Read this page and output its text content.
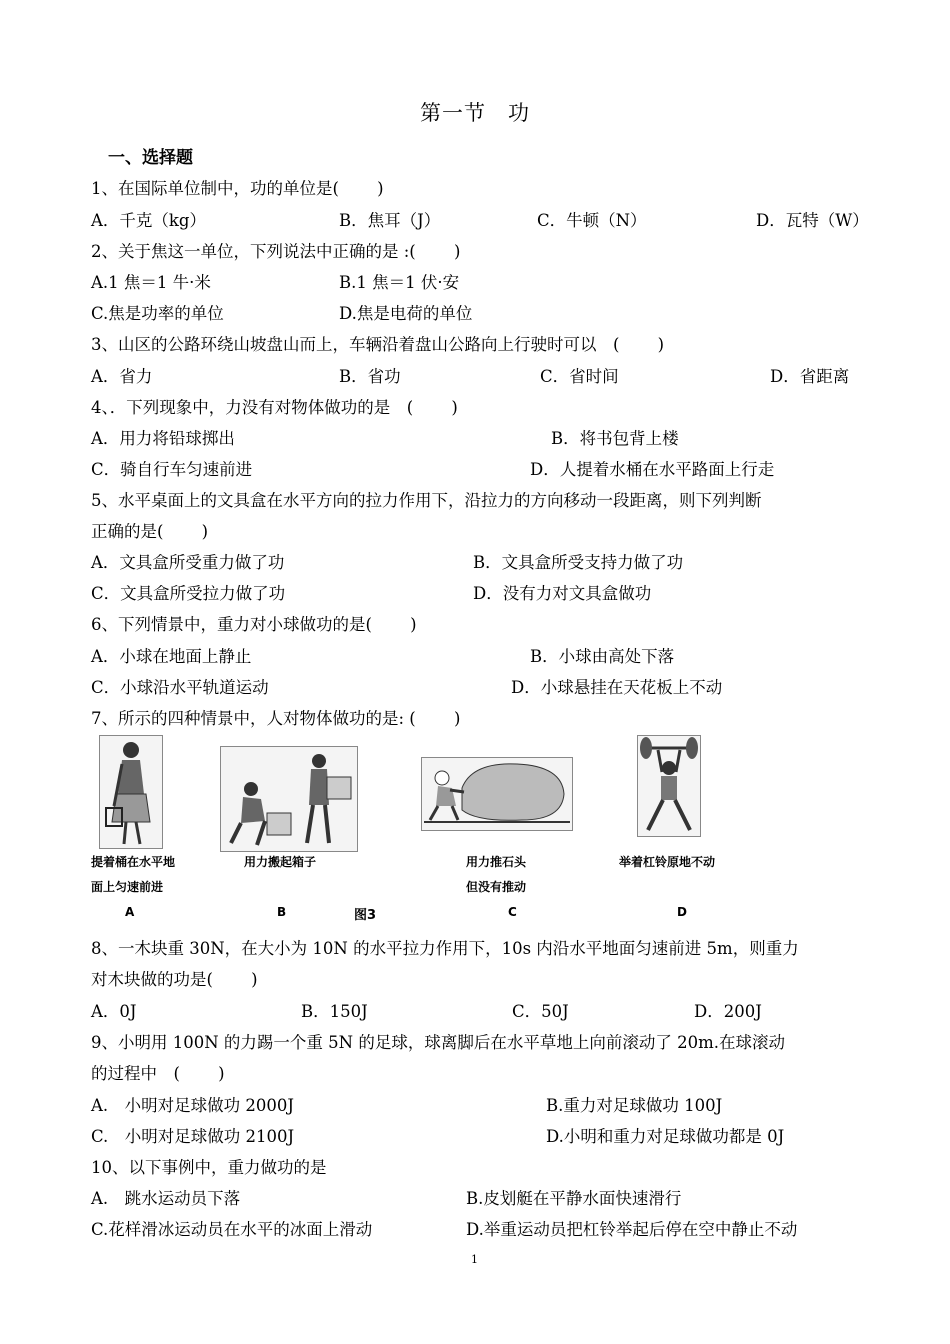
第一节 功
一、选择题
1、在国际单位制中，功的单位是(　　 )
A．千克（kg）	B．焦耳（J）	C．牛顿（N）	D．瓦特（W）
2、关于焦这一单位，下列说法中正确的是 :(　　 )
A.1 焦＝1 牛·米	B.1 焦＝1 伏·安
C.焦是功率的单位	D.焦是电荷的单位
3、山区的公路环绕山坡盘山而上，车辆沿着盘山公路向上行驶时可以　(　　 )
A．省力	B．省功	C．省时间	D．省距离
4、．下列现象中，力没有对物体做功的是　(　　 )
A．用力将铅球掷出	B．将书包背上楼
C．骑自行车匀速前进	D．人提着水桶在水平路面上行走
5、水平桌面上的文具盒在水平方向的拉力作用下，沿拉力的方向移动一段距离，则下列判断
正确的是(　　 )
A．文具盒所受重力做了功	B．文具盒所受支持力做了功
C．文具盒所受拉力做了功	D．没有力对文具盒做功
6、下列情景中，重力对小球做功的是(　　 )
A．小球在地面上静止	B．小球由高处下落
C．小球沿水平轨道运动	D．小球悬挂在天花板上不动
7、所示的四种情景中，人对物体做功的是: (　　 )
提着桶在水平地
面上匀速前进
用力搬起箱子	用力推石头
但没有推动
举着杠铃原地不动
A	B	图3	C	D
8、一木块重 30N，在大小为 10N 的水平拉力作用下，10s 内沿水平地面匀速前进 5m，则重力
对木块做的功是(　　 )
A．0J	B．150J	C．50J	D．200J
9、小明用 100N 的力踢一个重 5N 的足球，球离脚后在水平草地上向前滚动了 20m.在球滚动
的过程中　(　　 )
A.　小明对足球做功 2000J	B.重力对足球做功 100J
C.　小明对足球做功 2100J	D.小明和重力对足球做功都是 0J
10、以下事例中，重力做功的是
A.　跳水运动员下落	B.皮划艇在平静水面快速滑行
C.花样滑冰运动员在水平的冰面上滑动	D.举重运动员把杠铃举起后停在空中静止不动
1
